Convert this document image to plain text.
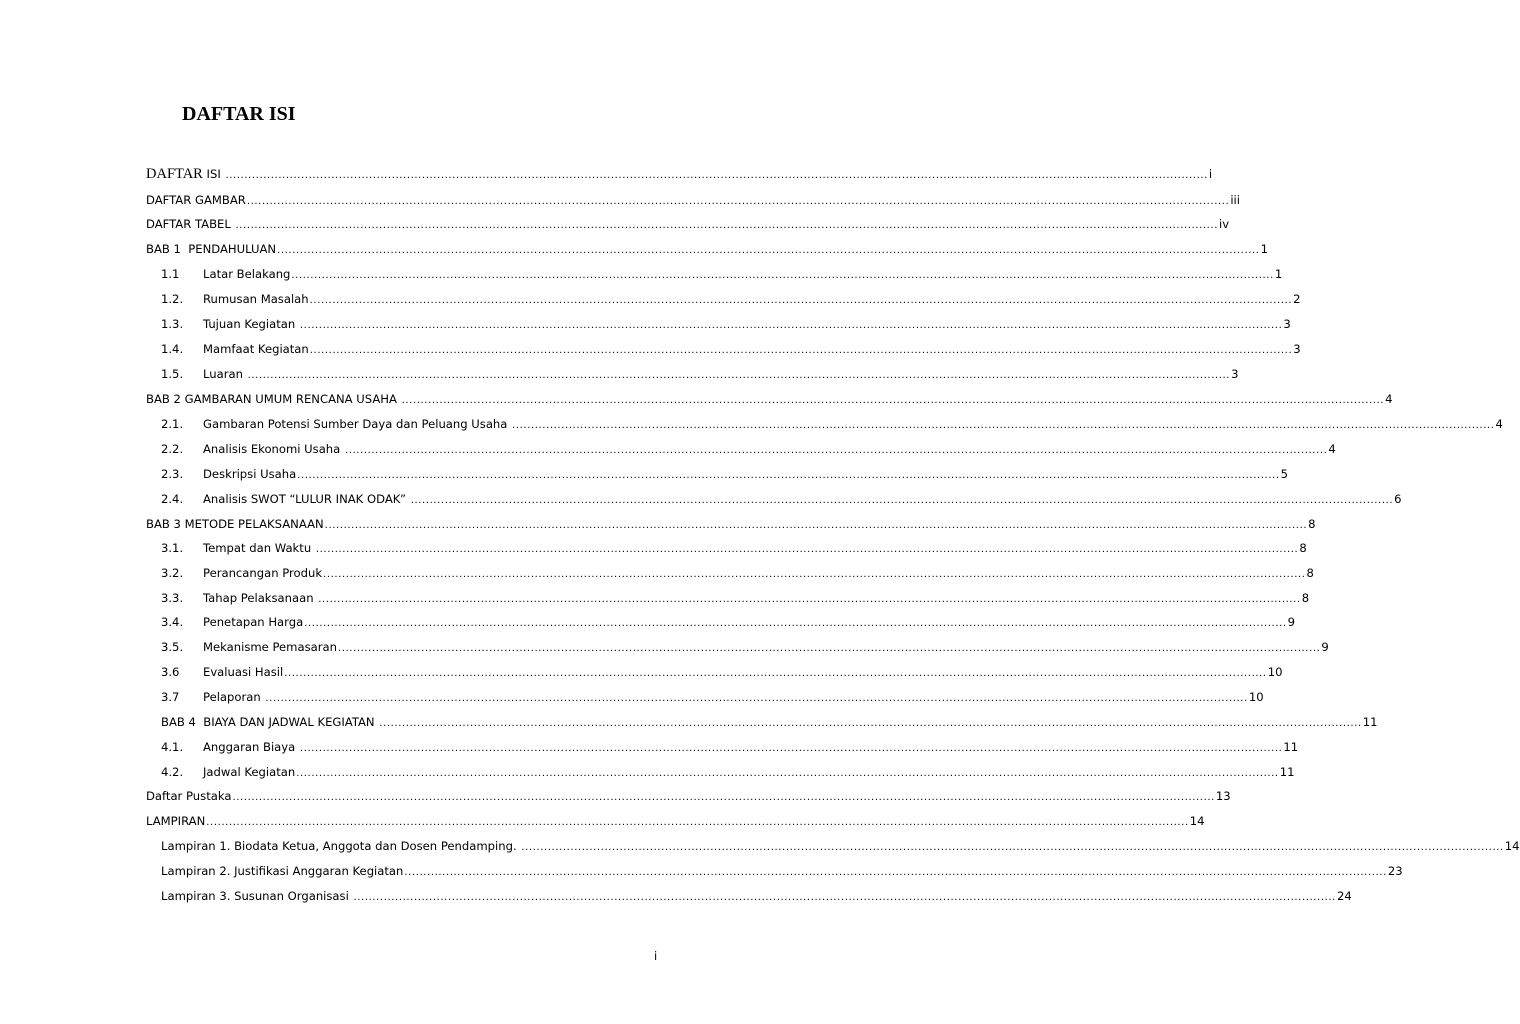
DAFTAR ISI
DAFTAR ISI .................................................................................................................................................................................................................................................................... i
DAFTAR GAMBAR .................................................................................................................................................................................................................................................................... iii
DAFTAR TABEL .................................................................................................................................................................................................................................................................... iv
BAB 1  PENDAHULUAN .................................................................................................................................................................................................................................................................... 1
1.1	Latar Belakang .................................................................................................................................................................................................................................................................... 1
1.2.	Rumusan Masalah .................................................................................................................................................................................................................................................................... 2
1.3.	Tujuan Kegiatan .................................................................................................................................................................................................................................................................... 3
1.4.	Mamfaat Kegiatan .................................................................................................................................................................................................................................................................... 3
1.5.	Luaran .................................................................................................................................................................................................................................................................... 3
BAB 2 GAMBARAN UMUM RENCANA USAHA .................................................................................................................................................................................................................................................................... 4
2.1.	Gambaran Potensi Sumber Daya dan Peluang Usaha .................................................................................................................................................................................................................................................................... 4
2.2.	Analisis Ekonomi Usaha .................................................................................................................................................................................................................................................................... 4
2.3.	Deskripsi Usaha .................................................................................................................................................................................................................................................................... 5
2.4.	Analisis SWOT “LULUR INAK ODAK” .................................................................................................................................................................................................................................................................... 6
BAB 3 METODE PELAKSANAAN .................................................................................................................................................................................................................................................................... 8
3.1.	Tempat dan Waktu .................................................................................................................................................................................................................................................................... 8
3.2.	Perancangan Produk .................................................................................................................................................................................................................................................................... 8
3.3.	Tahap Pelaksanaan .................................................................................................................................................................................................................................................................... 8
3.4.	Penetapan Harga .................................................................................................................................................................................................................................................................... 9
3.5.	Mekanisme Pemasaran .................................................................................................................................................................................................................................................................... 9
3.6	Evaluasi Hasil .................................................................................................................................................................................................................................................................... 10
3.7	Pelaporan .................................................................................................................................................................................................................................................................... 10
BAB 4  BIAYA DAN JADWAL KEGIATAN .................................................................................................................................................................................................................................................................... 11
4.1.	Anggaran Biaya .................................................................................................................................................................................................................................................................... 11
4.2.	Jadwal Kegiatan .................................................................................................................................................................................................................................................................... 11
Daftar Pustaka .................................................................................................................................................................................................................................................................... 13
LAMPIRAN .................................................................................................................................................................................................................................................................... 14
Lampiran 1. Biodata Ketua, Anggota dan Dosen Pendamping. .................................................................................................................................................................................................................................................................... 14
Lampiran 2. Justifikasi Anggaran Kegiatan .................................................................................................................................................................................................................................................................... 23
Lampiran 3. Susunan Organisasi .................................................................................................................................................................................................................................................................... 24
i
